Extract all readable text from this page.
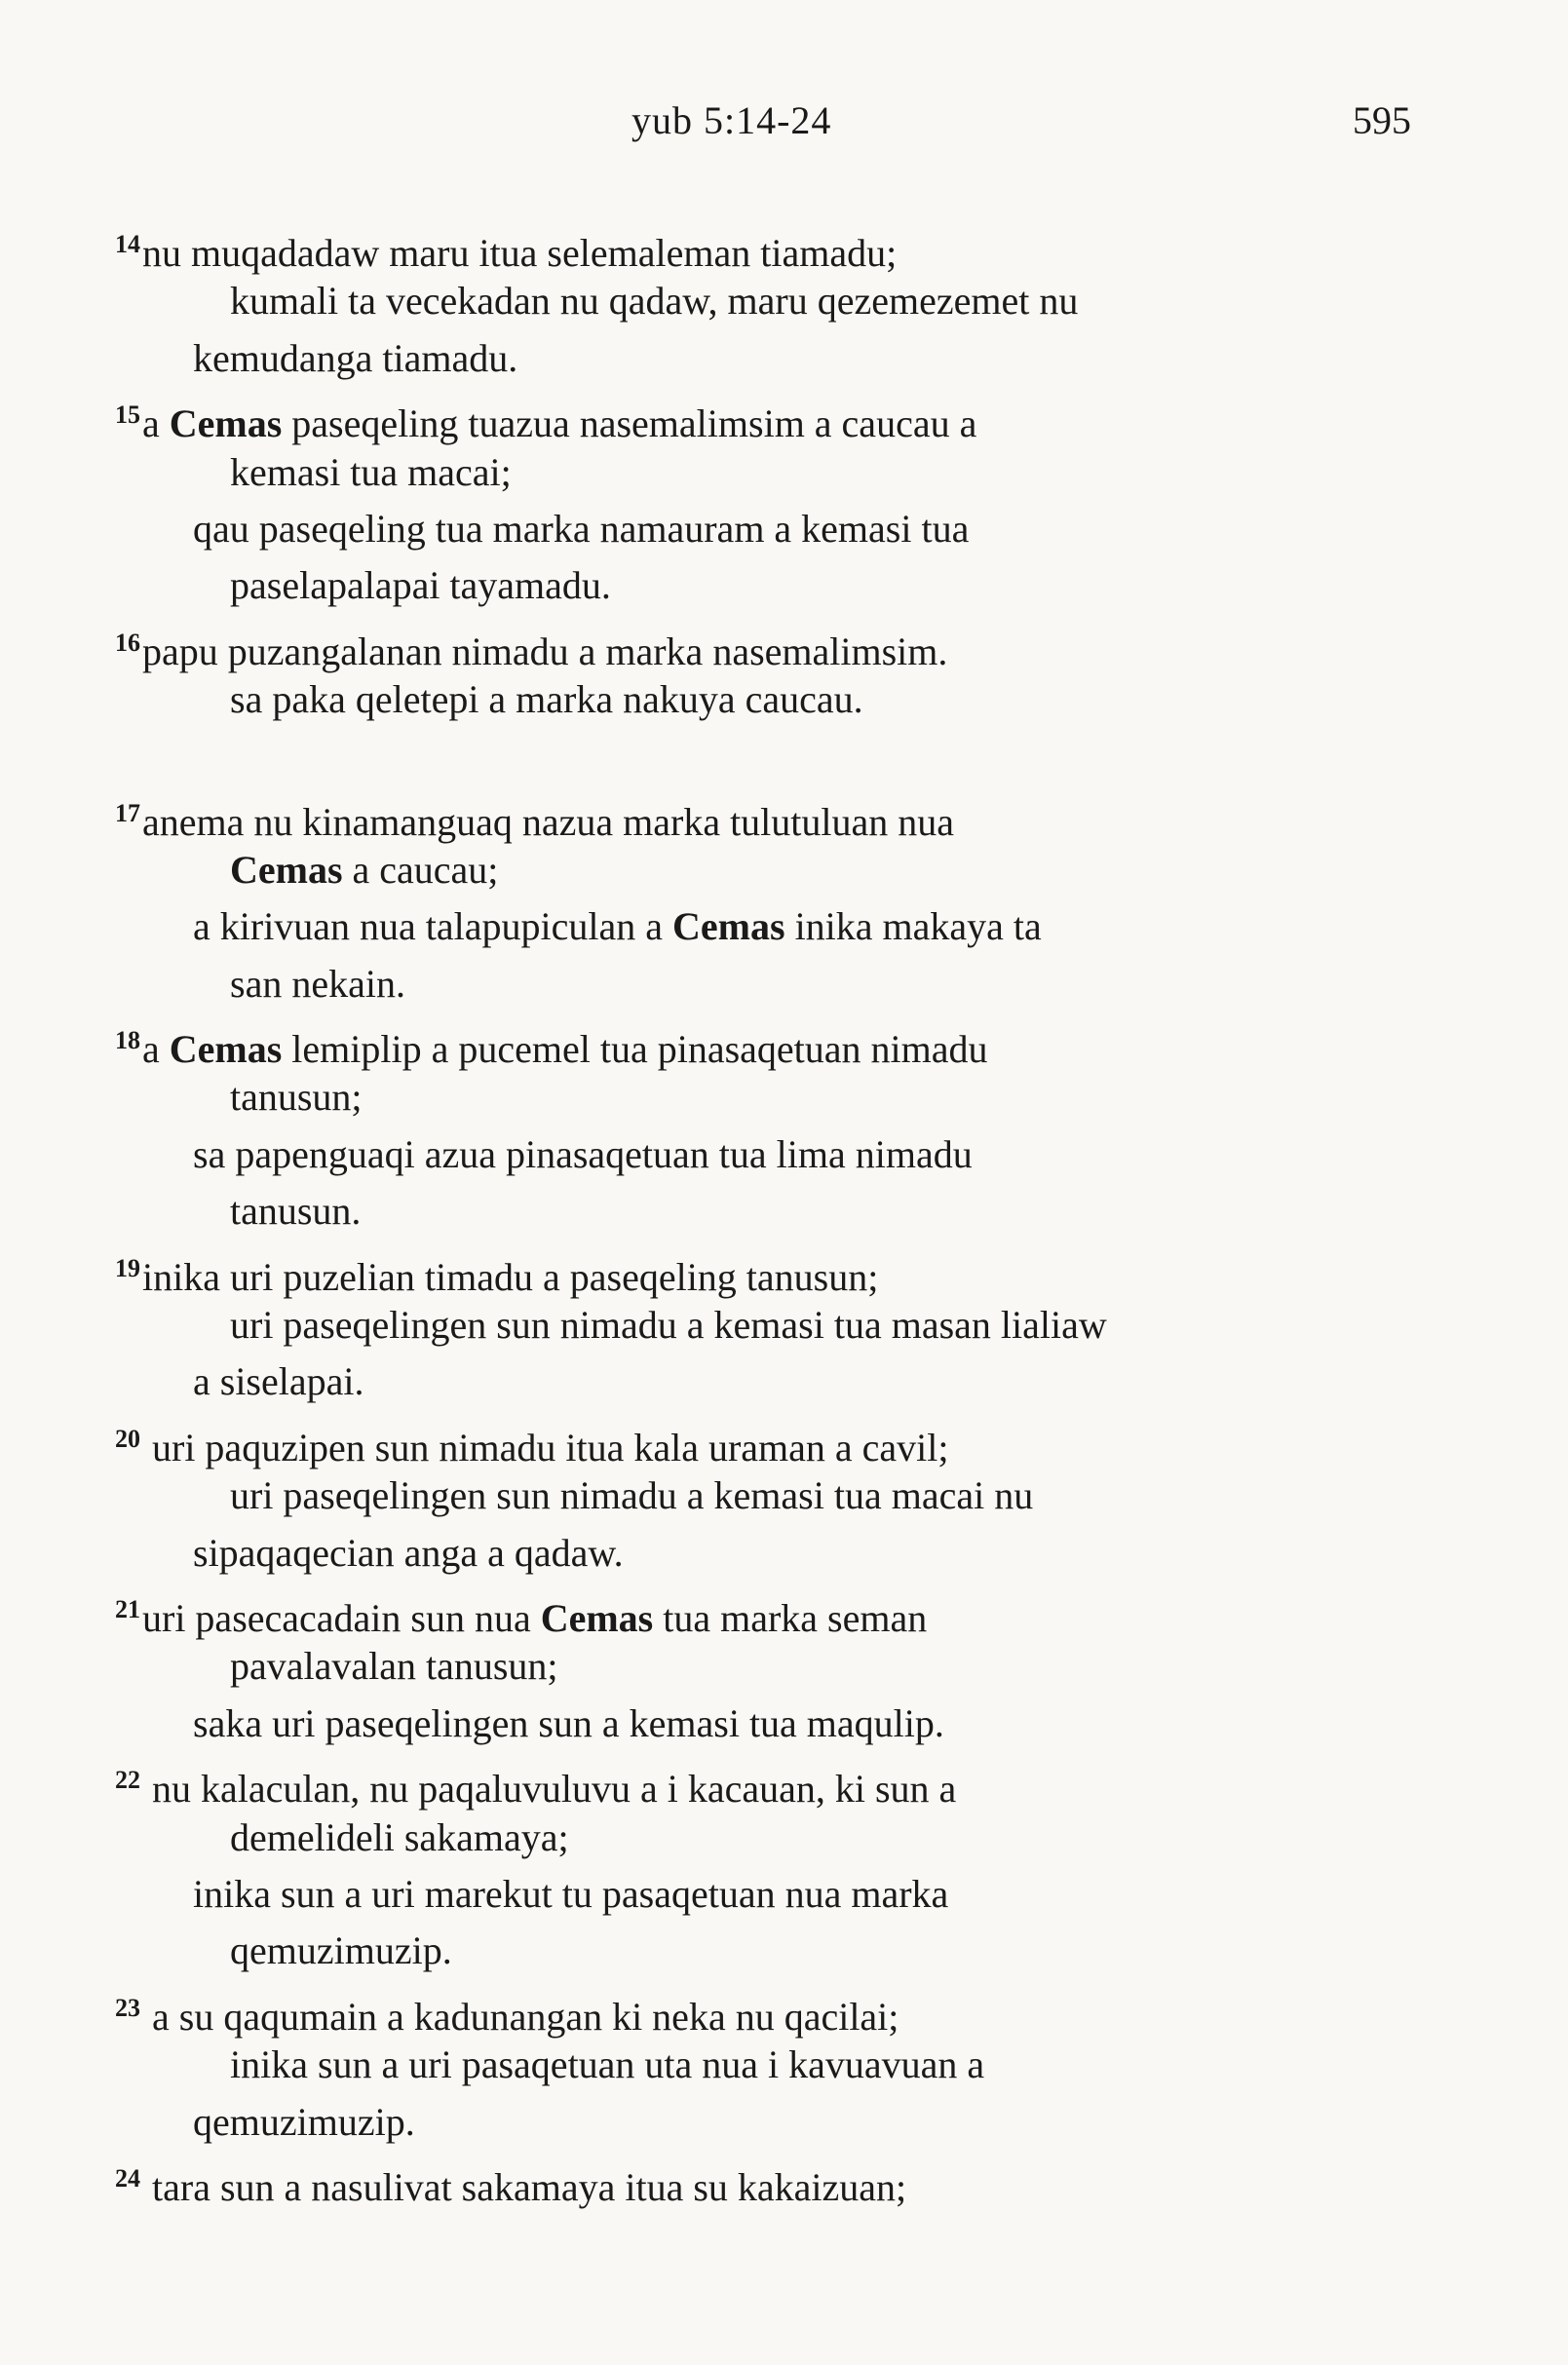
yub 5:14-24	595
$^{14}$nu muqadadaw maru itua selemaleman tiamadu;
kumali ta vecekadan nu qadaw, maru qezemezemet nu
kemudanga tiamadu.
$^{15}$a Cemas paseqeling tuazua nasemalimsim a caucau a
kemasi tua macai;
qau paseqeling tua marka namauram a kemasi tua
paselapalapai tayamadu.
$^{16}$papu puzangalanan nimadu a marka nasemalimsim.
sa paka qeletepi a marka nakuya caucau.
$^{17}$anema nu kinamanguaq nazua marka tulutuluan nua
Cemas a caucau;
a kirivuan nua talapupiculan a Cemas inika makaya ta
san nekain.
$^{18}$a Cemas lemiplip a pucemel tua pinasaqetuan nimadu
tanusun;
sa papenguaqi azua pinasaqetuan tua lima nimadu
tanusun.
$^{19}$inika uri puzelian timadu a paseqeling tanusun;
uri paseqelingen sun nimadu a kemasi tua masan lialiaw
a siselapai.
$^{20}$ uri paquzipen sun nimadu itua kala uraman a cavil;
uri paseqelingen sun nimadu a kemasi tua macai nu
sipaqaqecian anga a qadaw.
$^{21}$uri pasecacadain sun nua Cemas tua marka seman
pavalavalan tanusun;
saka uri paseqelingen sun a kemasi tua maqulip.
$^{22}$ nu kalaculan, nu paqaluvuluvu a i kacauan, ki sun a
demelideli sakamaya;
inika sun a uri marekut tu pasaqetuan nua marka
qemuzimuzip.
$^{23}$ a su qaqumain a kadunangan ki neka nu qacilai;
inika sun a uri pasaqetuan uta nua i kavuavuan a
qemuzimuzip.
$^{24}$ tara sun a nasulivat sakamaya itua su kakaizuan;
